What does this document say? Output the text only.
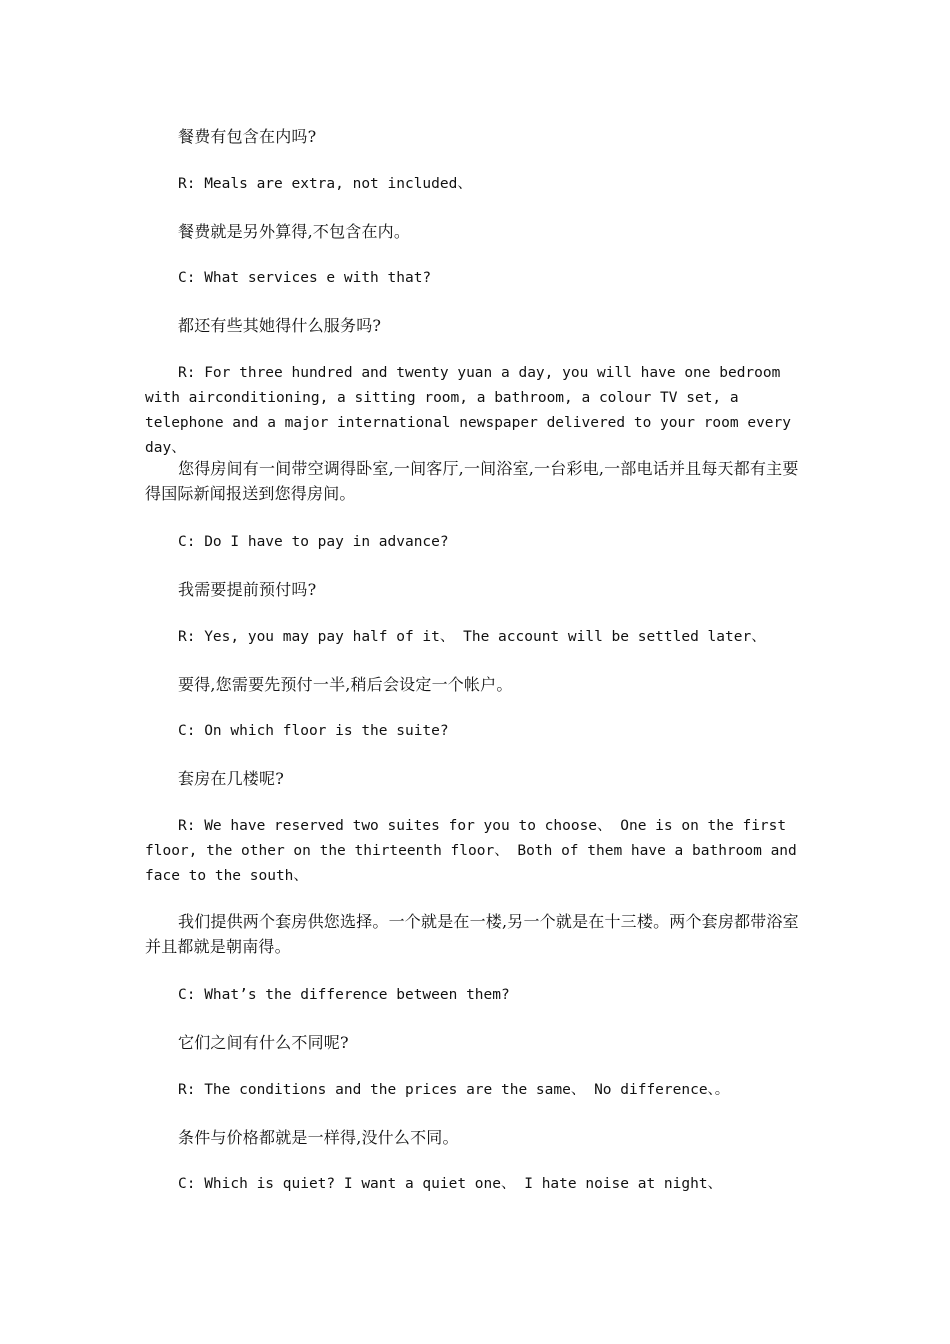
餐费有包含在内吗?

R: Meals are extra, not included、

餐费就是另外算得,不包含在内。

C: What services e with that?

都还有些其她得什么服务吗?

R: For three hundred and twenty yuan a day, you will have one bedroom with airconditioning, a sitting room, a bathroom, a colour TV set, a telephone and a major international newspaper delivered to your room every day、

您得房间有一间带空调得卧室,一间客厅,一间浴室,一台彩电,一部电话并且每天都有主要得国际新闻报送到您得房间。

C: Do I have to pay in advance?

我需要提前预付吗?

R: Yes, you may pay half of it、 The account will be settled later、

要得,您需要先预付一半,稍后会设定一个帐户。

C: On which floor is the suite?

套房在几楼呢?

R: We have reserved two suites for you to choose、 One is on the first floor, the other on the thirteenth floor、 Both of them have a bathroom and face to the south、

我们提供两个套房供您选择。一个就是在一楼,另一个就是在十三楼。两个套房都带浴室并且都就是朝南得。

C: What’s the difference between them?

它们之间有什么不同呢?

R: The conditions and the prices are the same、 No difference、。

条件与价格都就是一样得,没什么不同。

C: Which is quiet? I want a quiet one、 I hate noise at night、
